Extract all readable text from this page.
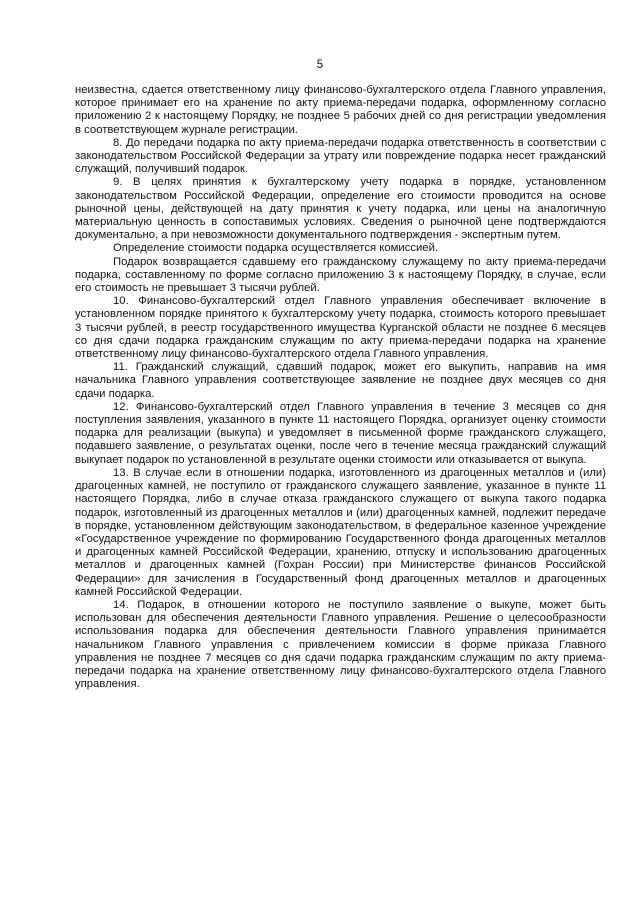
5

неизвестна, сдается ответственному лицу финансово-бухгалтерского отдела Главного управления, которое принимает его на хранение по акту приема-передачи подарка, оформленному согласно приложению 2 к настоящему Порядку, не позднее 5 рабочих дней со дня регистрации уведомления в соответствующем журнале регистрации.

8. До передачи подарка по акту приема-передачи подарка ответственность в соответствии с законодательством Российской Федерации за утрату или повреждение подарка несет гражданский служащий, получивший подарок.

9. В целях принятия к бухгалтерскому учету подарка в порядке, установленном законодательством Российской Федерации, определение его стоимости проводится на основе рыночной цены, действующей на дату принятия к учету подарка, или цены на аналогичную материальную ценность в сопоставимых условиях. Сведения о рыночной цене подтверждаются документально, а при невозможности документального подтверждения - экспертным путем.

Определение стоимости подарка осуществляется комиссией.

Подарок возвращается сдавшему его гражданскому служащему по акту приема-передачи подарка, составленному по форме согласно приложению 3 к настоящему Порядку, в случае, если его стоимость не превышает 3 тысячи рублей.

10. Финансово-бухгалтерский отдел Главного управления обеспечивает включение в установленном порядке принятого к бухгалтерскому учету подарка, стоимость которого превышает 3 тысячи рублей, в реестр государственного имущества Курганской области не позднее 6 месяцев со дня сдачи подарка гражданским служащим по акту приема-передачи подарка на хранение ответственному лицу финансово-бухгалтерского отдела Главного управления.

11. Гражданский служащий, сдавший подарок, может его выкупить, направив на имя начальника Главного управления соответствующее заявление не позднее двух месяцев со дня сдачи подарка.

12. Финансово-бухгалтерский отдел Главного управления в течение 3 месяцев со дня поступления заявления, указанного в пункте 11 настоящего Порядка, организует оценку стоимости подарка для реализации (выкупа) и уведомляет в письменной форме гражданского служащего, подавшего заявление, о результатах оценки, после чего в течение месяца гражданский служащий выкупает подарок по установленной в результате оценки стоимости или отказывается от выкупа.

13. В случае если в отношении подарка, изготовленного из драгоценных металлов и (или) драгоценных камней, не поступило от гражданского служащего заявление, указанное в пункте 11 настоящего Порядка, либо в случае отказа гражданского служащего от выкупа такого подарка подарок, изготовленный из драгоценных металлов и (или) драгоценных камней, подлежит передаче в порядке, установленном действующим законодательством, в федеральное казенное учреждение «Государственное учреждение по формированию Государственного фонда драгоценных металлов и драгоценных камней Российской Федерации, хранению, отпуску и использованию драгоценных металлов и драгоценных камней (Гохран России) при Министерстве финансов Российской Федерации» для зачисления в Государственный фонд драгоценных металлов и драгоценных камней Российской Федерации.

14. Подарок, в отношении которого не поступило заявление о выкупе, может быть использован для обеспечения деятельности Главного управления. Решение о целесообразности использования подарка для обеспечения деятельности Главного управления принимается начальником Главного управления с привлечением комиссии в форме приказа Главного управления не позднее 7 месяцев со дня сдачи подарка гражданским служащим по акту приема-передачи подарка на хранение ответственному лицу финансово-бухгалтерского отдела Главного управления.
